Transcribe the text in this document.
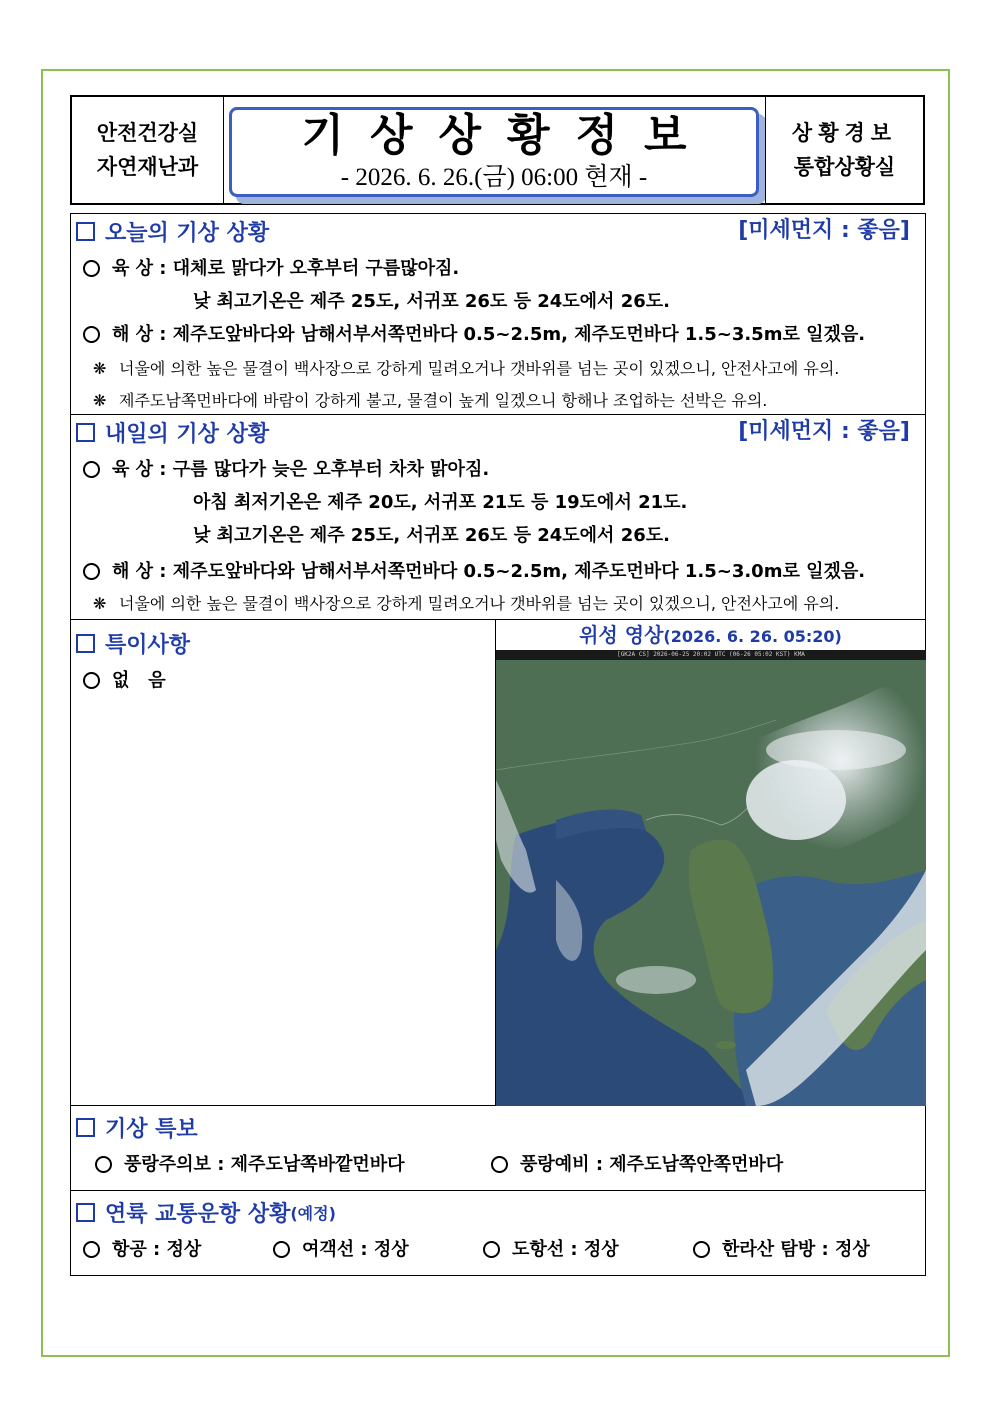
안전건강실
자연재난과
기상상황정보
- 2026. 6. 26.(금) 06:00 현재 -
상황경보
통합상황실
오늘의 기상 상황	[미세먼지 : 좋음]
육 상 : 대체로 맑다가 오후부터 구름많아짐.
낮 최고기온은 제주 25도, 서귀포 26도 등 24도에서 26도.
해 상 : 제주도앞바다와 남해서부서쪽먼바다 0.5~2.5m, 제주도먼바다 1.5~3.5m로 일겠음.
❋ 너울에 의한 높은 물결이 백사장으로 강하게 밀려오거나 갯바위를 넘는 곳이 있겠으니, 안전사고에 유의.
❋ 제주도남쪽먼바다에 바람이 강하게 불고, 물결이 높게 일겠으니 항해나 조업하는 선박은 유의.
내일의 기상 상황	[미세먼지 : 좋음]
육 상 : 구름 많다가 늦은 오후부터 차차 맑아짐.
아침 최저기온은 제주 20도, 서귀포 21도 등 19도에서 21도.
낮 최고기온은 제주 25도, 서귀포 26도 등 24도에서 26도.
해 상 : 제주도앞바다와 남해서부서쪽먼바다 0.5~2.5m, 제주도먼바다 1.5~3.0m로 일겠음.
❋ 너울에 의한 높은 물결이 백사장으로 강하게 밀려오거나 갯바위를 넘는 곳이 있겠으니, 안전사고에 유의.
특이사항
없   음
위성 영상(2026. 6. 26. 05:20)
[GK2A CS] 2026-06-25 20:02 UTC (06-26 05:02 KST) KMA
기상 특보
풍랑주의보 : 제주도남쪽바깥먼바다	풍랑예비 : 제주도남쪽안쪽먼바다
연륙 교통운항 상황 (예정)
항공 : 정상	여객선 : 정상	도항선 : 정상	한라산 탐방 : 정상
